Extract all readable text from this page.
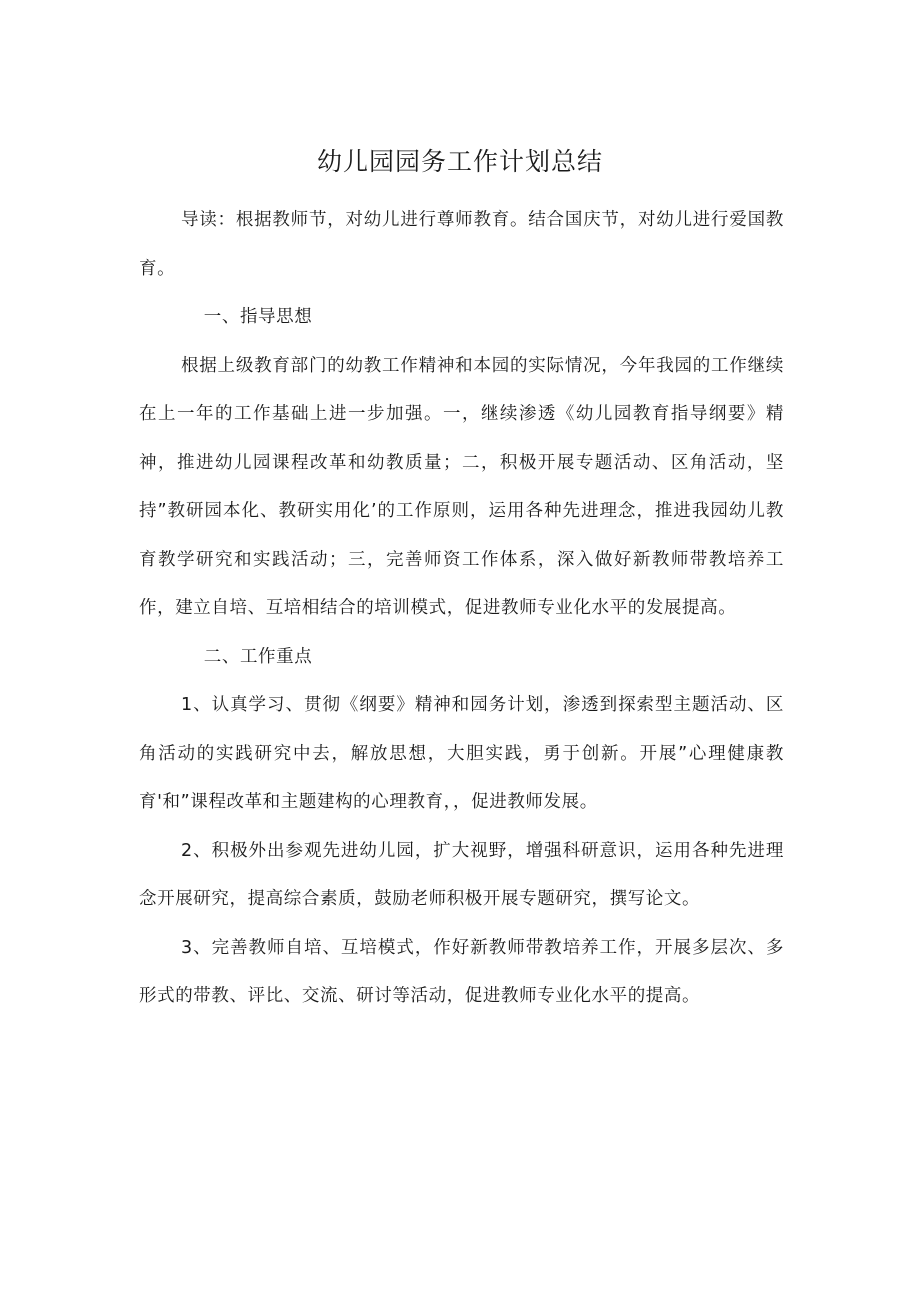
幼儿园园务工作计划总结

导读：根据教师节，对幼儿进行尊师教育。结合国庆节，对幼儿进行爱国教育。

一、指导思想

根据上级教育部门的幼教工作精神和本园的实际情况，今年我园的工作继续在上一年的工作基础上进一步加强。一，继续渗透《幼儿园教育指导纲要》精神，推进幼儿园课程改革和幼教质量；二，积极开展专题活动、区角活动，坚持”教研园本化、教研实用化’的工作原则，运用各种先进理念，推进我园幼儿教育教学研究和实践活动；三，完善师资工作体系，深入做好新教师带教培养工作，建立自培、互培相结合的培训模式，促进教师专业化水平的发展提高。

二、工作重点

1、认真学习、贯彻《纲要》精神和园务计划，渗透到探索型主题活动、区角活动的实践研究中去，解放思想，大胆实践，勇于创新。开展”心理健康教育'和”课程改革和主题建构的心理教育，，促进教师发展。

2、积极外出参观先进幼儿园，扩大视野，增强科研意识，运用各种先进理念开展研究，提高综合素质，鼓励老师积极开展专题研究，撰写论文。

3、完善教师自培、互培模式，作好新教师带教培养工作，开展多层次、多形式的带教、评比、交流、研讨等活动，促进教师专业化水平的提高。
